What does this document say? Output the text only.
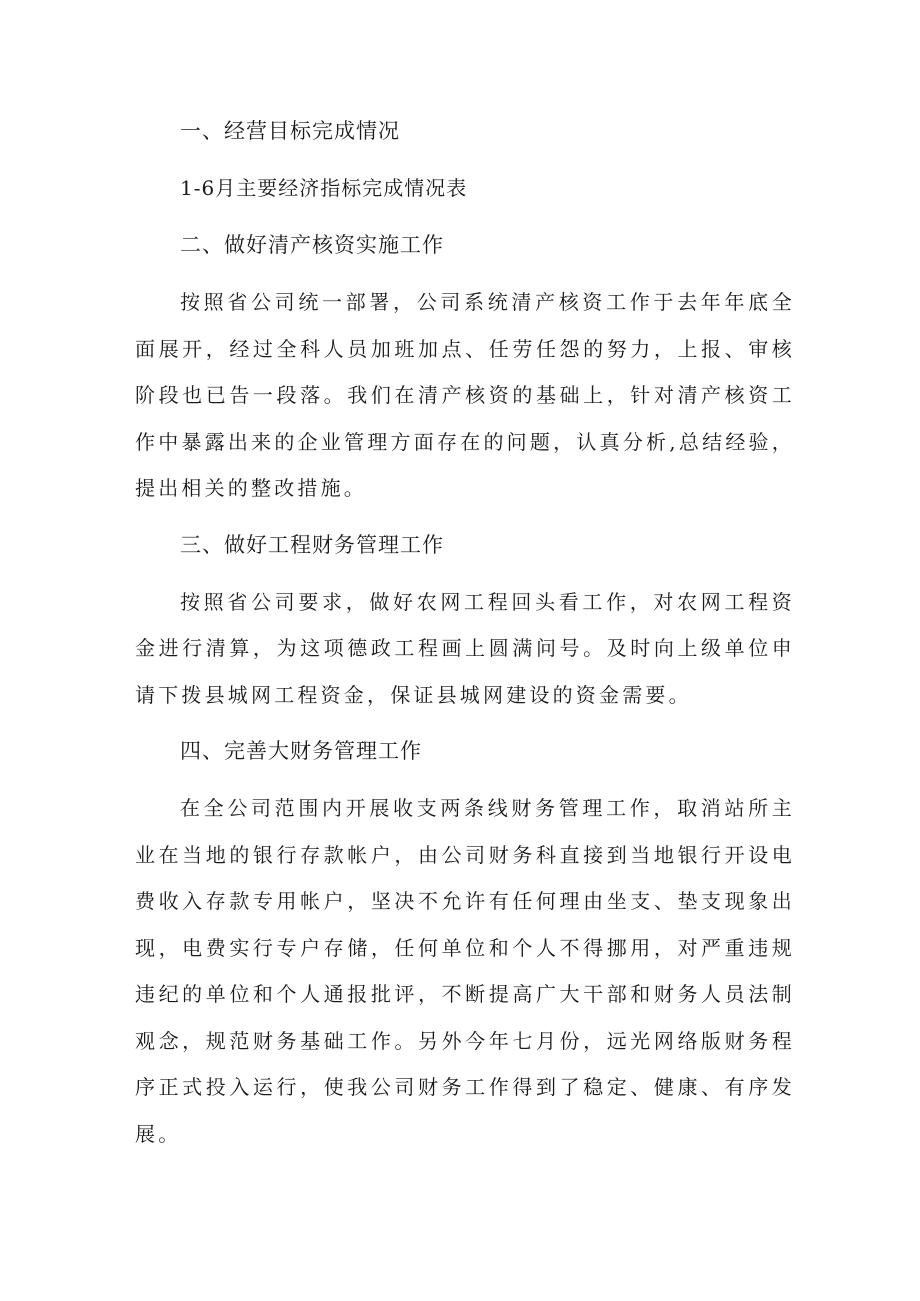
一、经营目标完成情况

1-6月主要经济指标完成情况表

二、做好清产核资实施工作

按照省公司统一部署，公司系统清产核资工作于去年年底全面展开，经过全科人员加班加点、任劳任怨的努力，上报、审核阶段也已告一段落。我们在清产核资的基础上，针对清产核资工作中暴露出来的企业管理方面存在的问题，认真分析,总结经验，提出相关的整改措施。

三、做好工程财务管理工作

按照省公司要求，做好农网工程回头看工作，对农网工程资金进行清算，为这项德政工程画上圆满问号。及时向上级单位申请下拨县城网工程资金，保证县城网建设的资金需要。

四、完善大财务管理工作

在全公司范围内开展收支两条线财务管理工作，取消站所主业在当地的银行存款帐户，由公司财务科直接到当地银行开设电费收入存款专用帐户，坚决不允许有任何理由坐支、垫支现象出现，电费实行专户存储，任何单位和个人不得挪用，对严重违规违纪的单位和个人通报批评，不断提高广大干部和财务人员法制观念，规范财务基础工作。另外今年七月份，远光网络版财务程序正式投入运行，使我公司财务工作得到了稳定、健康、有序发展。
